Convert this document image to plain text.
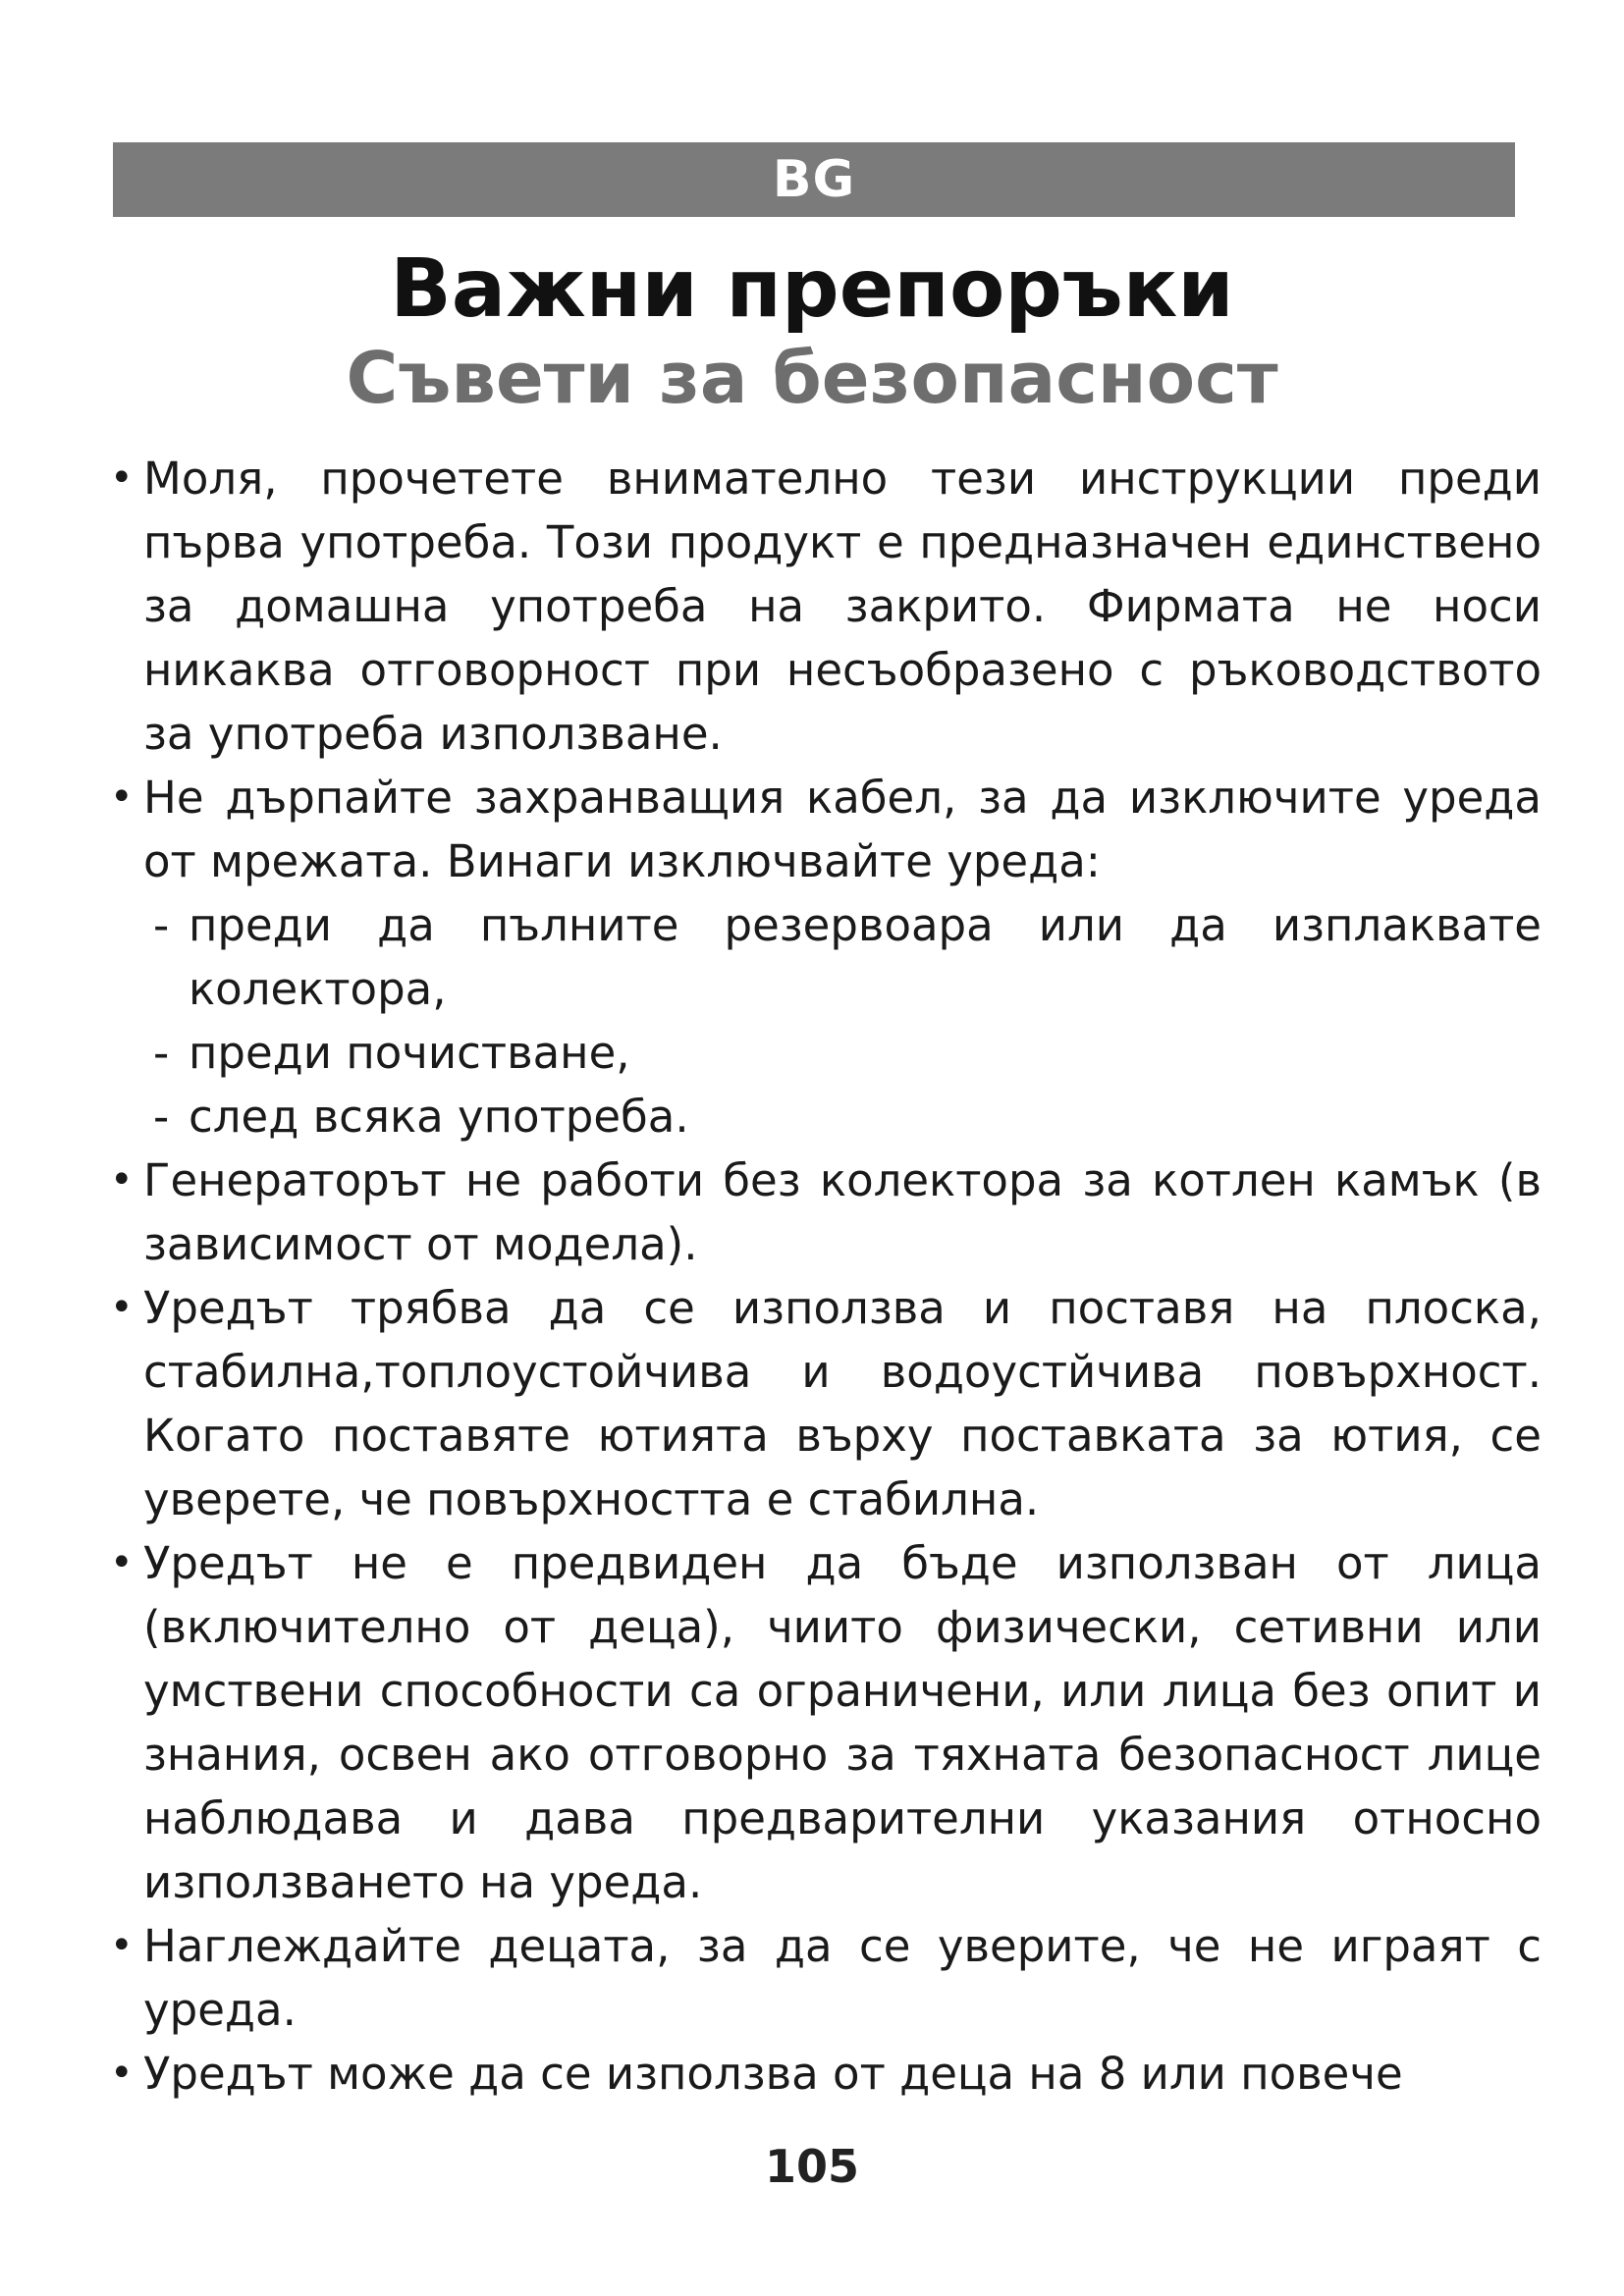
BG
Важни препоръки
Съвети за безопасност

• Моля, прочетете внимателно тези инструкции преди първа употреба. Този продукт е предназначен единствено за домашна употреба на закрито. Фирмата не носи никаква отговорност при несъобразено с ръководството за употреба използване.

• Не дърпайте захранващия кабел, за да изключите уреда от мрежата. Винаги изключвайте уреда:

- преди да пълните резервоара или да изплаквате колектора,

- преди почистване,

- след всяка употреба.

• Генераторът не работи без колектора за котлен камък (в зависимост от модела).

• Уредът трябва да се използва и поставя на плоска, стабилна,топлоустойчива и водоустйчива повърхност. Когато поставяте ютията върху поставката за ютия, се уверете, че повърхността е стабилна.

• Уредът не е предвиден да бъде използван от лица (включително от деца), чиито физически, сетивни или умствени способности са ограничени, или лица без опит и знания, освен ако отговорно за тяхната безопасност лице наблюдава и дава предварителни указания относно използването на уреда.

• Наглеждайте децата, за да се уверите, че не играят с уреда.

• Уредът може да се използва от деца на 8 или повече

105
